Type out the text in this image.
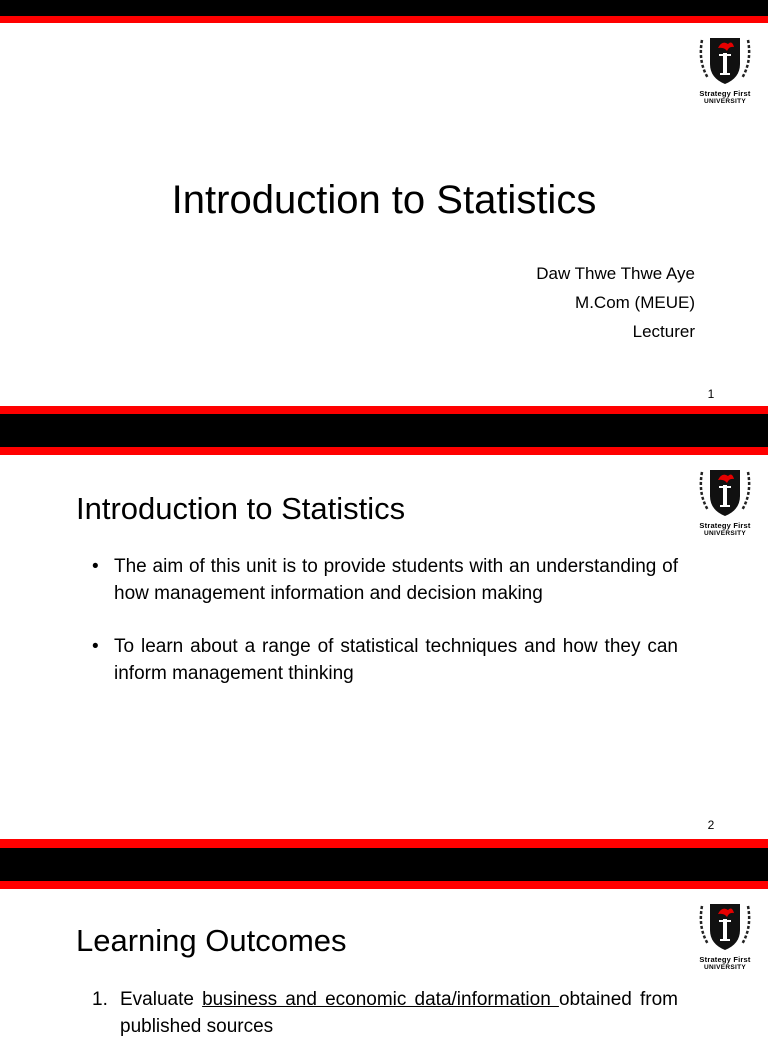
Strategy First
UNIVERSITY
Introduction to Statistics
Daw Thwe Thwe Aye
M.Com (MEUE)
Lecturer
1
Strategy First
UNIVERSITY
Introduction to Statistics
• The aim of this unit is to provide students with an understanding of how management information and decision making
• To learn about a range of statistical techniques and how they can inform management thinking
2
Strategy First
UNIVERSITY
Learning Outcomes
1. Evaluate business and economic data/information obtained from published sources
